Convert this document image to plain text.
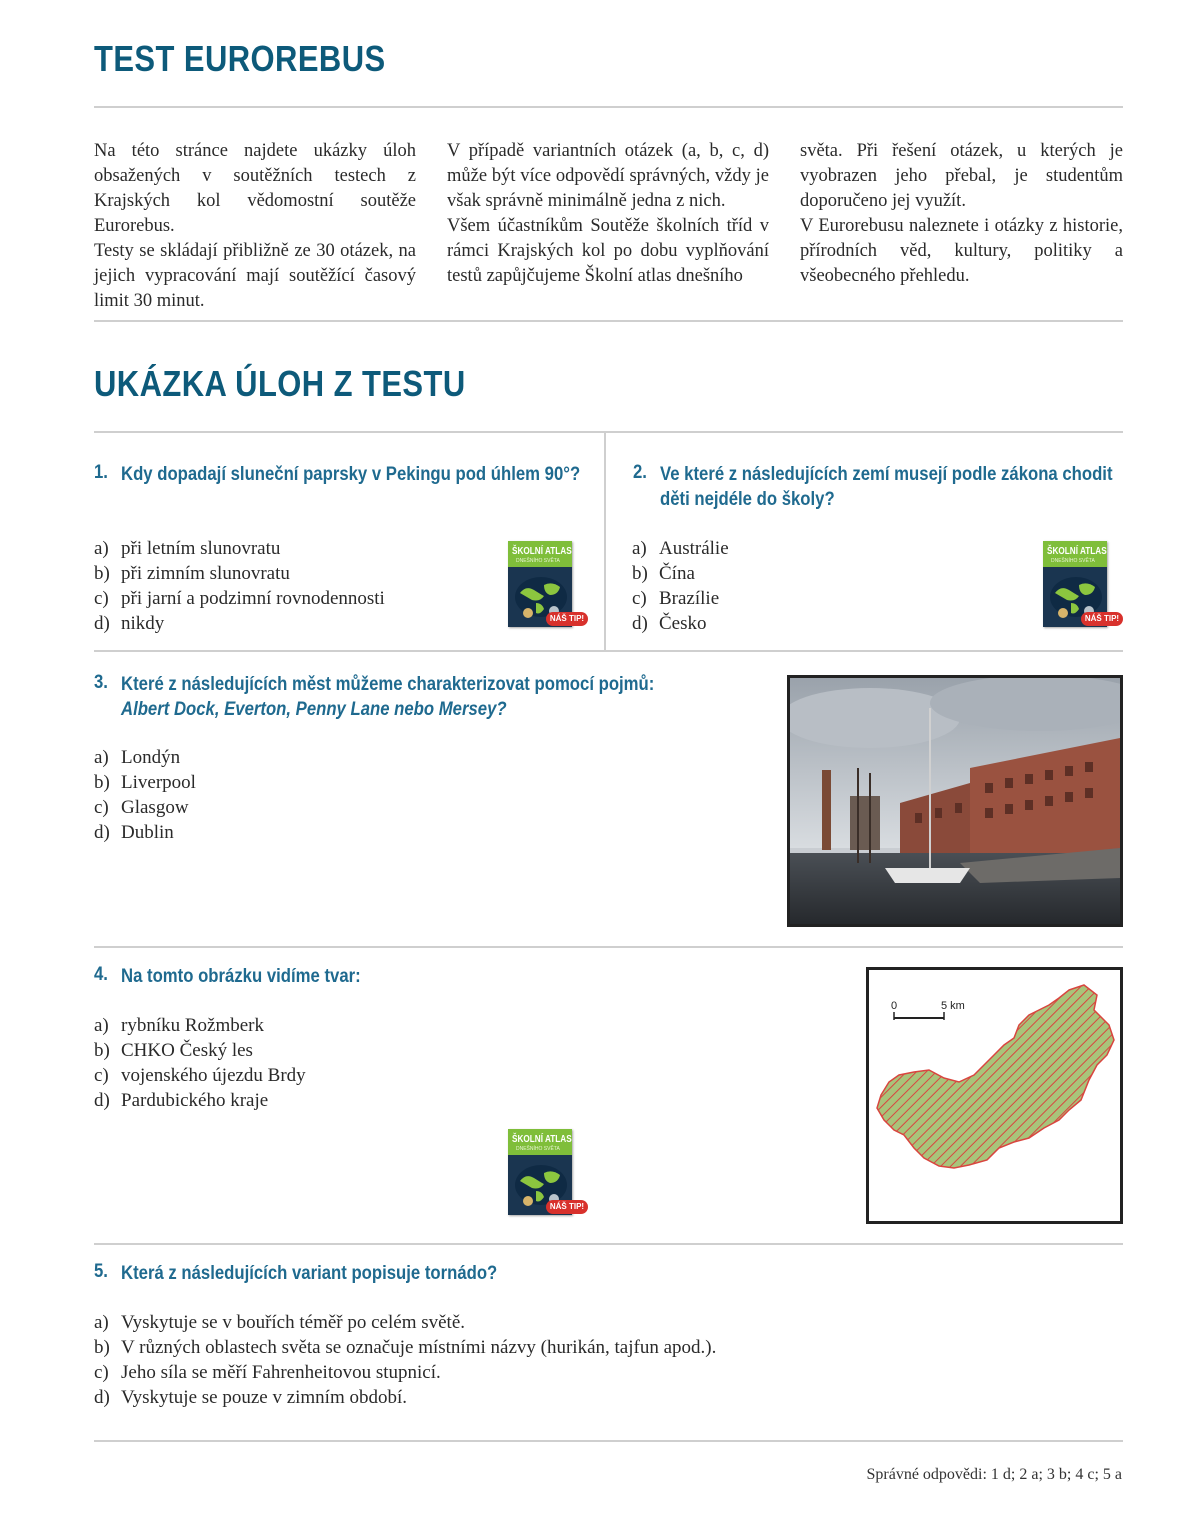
TEST EUROREBUS

Na této stránce najdete ukázky úloh obsažených v soutěžních testech z Krajských kol vědomostní soutěže Eurorebus.

Testy se skládají přibližně ze 30 otázek, na jejich vypracování mají soutěžící časový limit 30 minut.

V případě variantních otázek (a, b, c, d) může být více odpovědí správných, vždy je však správně minimálně jedna z nich.

Všem účastníkům Soutěže školních tříd v rámci Krajských kol po dobu vyplňování testů zapůjčujeme Školní atlas dnešního

světa. Při řešení otázek, u kterých je vyobrazen jeho přebal, je studentům doporučeno jej využít.

V Eurorebusu naleznete i otázky z historie, přírodních věd, kultury, politiky a všeobecného přehledu.

UKÁZKA ÚLOH Z TESTU
1. Kdy dopadají sluneční paprsky v Pekingu pod úhlem 90°?
a) při letním slunovratu
b) při zimním slunovratu
c) při jarní a podzimní rovnodennosti
d) nikdy
ŠKOLNÍ ATLAS
DNEŠNÍHO SVĚTA
NÁŠ TIP!
2. Ve které z následujících zemí musejí podle zákona chodit děti nejdéle do školy?
a) Austrálie
b) Čína
c) Brazílie
d) Česko
ŠKOLNÍ ATLAS
DNEŠNÍHO SVĚTA
NÁŠ TIP!
3. Které z následujících měst můžeme charakterizovat pomocí pojmů:
Albert Dock, Everton, Penny Lane nebo Mersey?
a) Londýn
b) Liverpool
c) Glasgow
d) Dublin
4. Na tomto obrázku vidíme tvar:
a) rybníku Rožmberk
b) CHKO Český les
c) vojenského újezdu Brdy
d) Pardubického kraje
ŠKOLNÍ ATLAS
DNEŠNÍHO SVĚTA
NÁŠ TIP!
0	5 km
5. Která z následujících variant popisuje tornádo?
a) Vyskytuje se v bouřích téměř po celém světě.
b) V různých oblastech světa se označuje místními názvy (hurikán, tajfun apod.).
c) Jeho síla se měří Fahrenheitovou stupnicí.
d) Vyskytuje se pouze v zimním období.
Správné odpovědi: 1 d; 2 a; 3 b; 4 c; 5 a
